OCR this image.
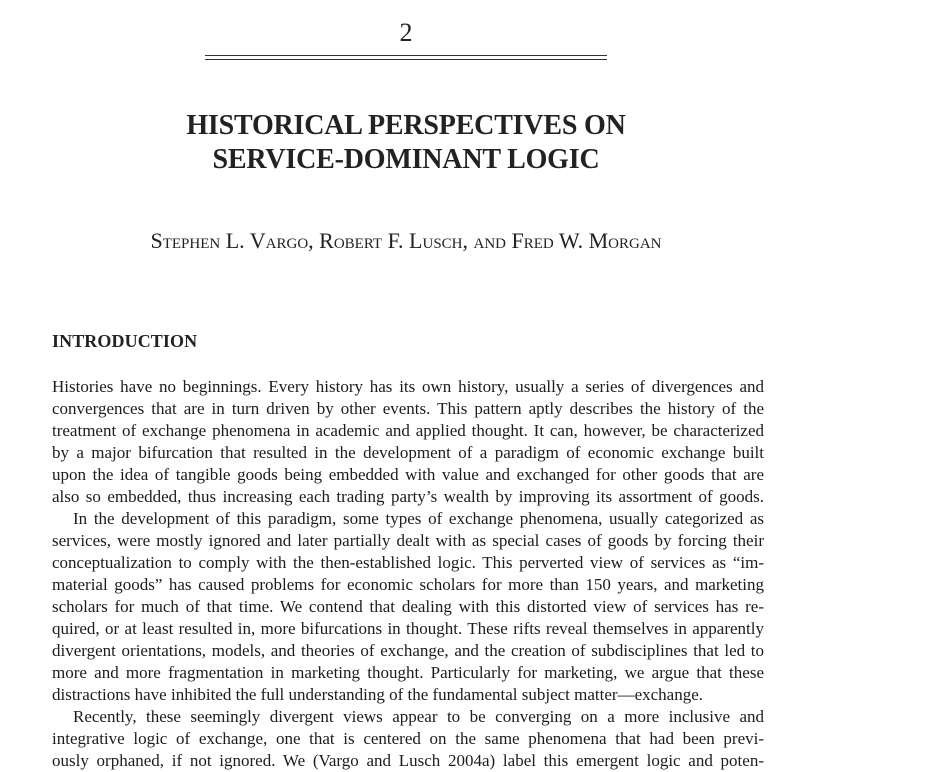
2
HISTORICAL PERSPECTIVES ON
SERVICE-DOMINANT LOGIC
Stephen L. Vargo, Robert F. Lusch, and Fred W. Morgan
INTRODUCTION
Histories have no beginnings. Every history has its own history, usually a series of divergences and
convergences that are in turn driven by other events. This pattern aptly describes the history of the
treatment of exchange phenomena in academic and applied thought. It can, however, be characterized
by a major bifurcation that resulted in the development of a paradigm of economic exchange built
upon the idea of tangible goods being embedded with value and exchanged for other goods that are
also so embedded, thus increasing each trading party’s wealth by improving its assortment of goods.
In the development of this paradigm, some types of exchange phenomena, usually categorized as
services, were mostly ignored and later partially dealt with as special cases of goods by forcing their
conceptualization to comply with the then-established logic. This perverted view of services as “im-
material goods” has caused problems for economic scholars for more than 150 years, and marketing
scholars for much of that time. We contend that dealing with this distorted view of services has re-
quired, or at least resulted in, more bifurcations in thought. These rifts reveal themselves in apparently
divergent orientations, models, and theories of exchange, and the creation of subdisciplines that led to
more and more fragmentation in marketing thought. Particularly for marketing, we argue that these
distractions have inhibited the full understanding of the fundamental subject matter—exchange.
Recently, these seemingly divergent views appear to be converging on a more inclusive and
integrative logic of exchange, one that is centered on the same phenomena that had been previ-
ously orphaned, if not ignored. We (Vargo and Lusch 2004a) label this emergent logic and poten-
